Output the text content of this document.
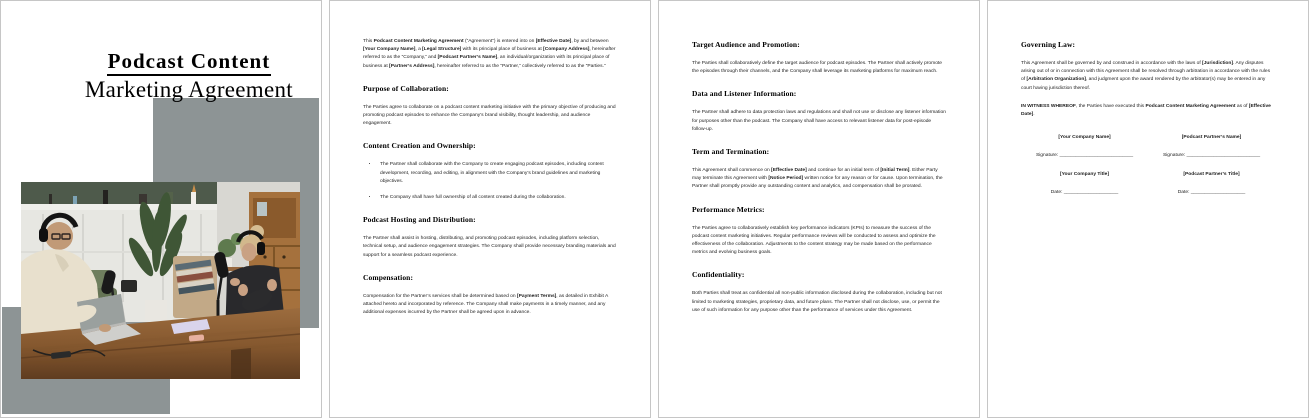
Podcast Content
Marketing Agreement

This Podcast Content Marketing Agreement (“Agreement”) is entered into on [Effective Date], by and between [Your Company Name], a [Legal Structure] with its principal place of business at [Company Address], hereinafter referred to as the “Company,” and [Podcast Partner’s Name], an individual/organization with its principal place of business at [Partner’s Address], hereinafter referred to as the “Partner,” collectively referred to as the “Parties.”

Purpose of Collaboration:

The Parties agree to collaborate on a podcast content marketing initiative with the primary objective of producing and promoting podcast episodes to enhance the Company’s brand visibility, thought leadership, and audience engagement.

Content Creation and Ownership:
• The Partner shall collaborate with the Company to create engaging podcast episodes, including content development, recording, and editing, in alignment with the Company’s brand guidelines and marketing objectives.
• The Company shall have full ownership of all content created during the collaboration.
Podcast Hosting and Distribution:

The Partner shall assist in hosting, distributing, and promoting podcast episodes, including platform selection, technical setup, and audience engagement strategies. The Company shall provide necessary branding materials and support for a seamless podcast experience.

Compensation:

Compensation for the Partner’s services shall be determined based on [Payment Terms], as detailed in Exhibit A attached hereto and incorporated by reference. The Company shall make payments in a timely manner, and any additional expenses incurred by the Partner shall be agreed upon in advance.

Target Audience and Promotion:

The Parties shall collaboratively define the target audience for podcast episodes. The Partner shall actively promote the episodes through their channels, and the Company shall leverage its marketing platforms for maximum reach.

Data and Listener Information:

The Partner shall adhere to data protection laws and regulations and shall not use or disclose any listener information for purposes other than the podcast. The Company shall have access to relevant listener data for post-episode follow-up.

Term and Termination:

This Agreement shall commence on [Effective Date] and continue for an initial term of [Initial Term]. Either Party may terminate this Agreement with [Notice Period] written notice for any reason or for cause. Upon termination, the Partner shall promptly provide any outstanding content and analytics, and compensation shall be prorated.

Performance Metrics:

The Parties agree to collaboratively establish key performance indicators (KPIs) to measure the success of the podcast content marketing initiatives. Regular performance reviews will be conducted to assess and optimize the effectiveness of the collaboration. Adjustments to the content strategy may be made based on the performance metrics and evolving business goals.

Confidentiality:

Both Parties shall treat as confidential all non-public information disclosed during the collaboration, including but not limited to marketing strategies, proprietary data, and future plans. The Partner shall not disclose, use, or permit the use of such information for any purpose other than the performance of services under this Agreement.

Governing Law:

This Agreement shall be governed by and construed in accordance with the laws of [Jurisdiction]. Any disputes arising out of or in connection with this Agreement shall be resolved through arbitration in accordance with the rules of [Arbitration Organization], and judgment upon the award rendered by the arbitrator(s) may be entered in any court having jurisdiction thereof.

IN WITNESS WHEREOF, the Parties have executed this Podcast Content Marketing Agreement as of [Effective Date].

[Your Company Name]
Signature: ___________________________
[Your Company Title]
Date: ____________________
[Podcast Partner’s Name]
Signature: ___________________________
[Podcast Partner’s Title]
Date: ____________________
